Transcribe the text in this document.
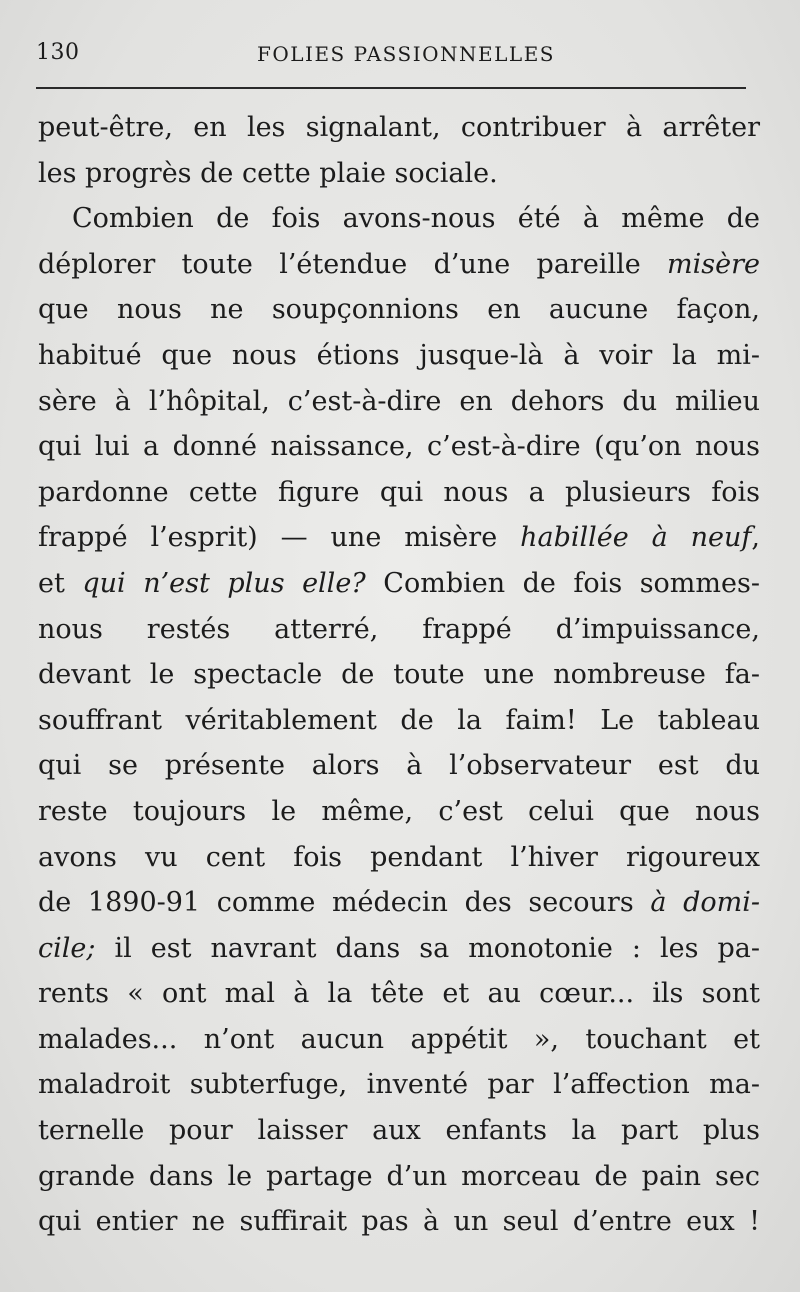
130	FOLIES PASSIONNELLES
peut-être, en les signalant, contribuer à arrêter
les progrès de cette plaie sociale.
Combien de fois avons-nous été à même de
déplorer toute l’étendue d’une pareille misère
que nous ne soupçonnions en aucune façon,
habitué que nous étions jusque-là à voir la mi-
sère à l’hôpital, c’est-à-dire en dehors du milieu
qui lui a donné naissance, c’est-à-dire (qu’on nous
pardonne cette figure qui nous a plusieurs fois
frappé l’esprit) — une misère habillée à neuf,
et qui n’est plus elle? Combien de fois sommes-
nous restés atterré, frappé d’impuissance,
devant le spectacle de toute une nombreuse fa-
souffrant véritablement de la faim! Le tableau
qui se présente alors à l’observateur est du
reste toujours le même, c’est celui que nous
avons vu cent fois pendant l’hiver rigoureux
de 1890-91 comme médecin des secours à domi-
cile; il est navrant dans sa monotonie : les pa-
rents « ont mal à la tête et au cœur... ils sont
malades... n’ont aucun appétit », touchant et
maladroit subterfuge, inventé par l’affection ma-
ternelle pour laisser aux enfants la part plus
grande dans le partage d’un morceau de pain sec
qui entier ne suffirait pas à un seul d’entre eux !
